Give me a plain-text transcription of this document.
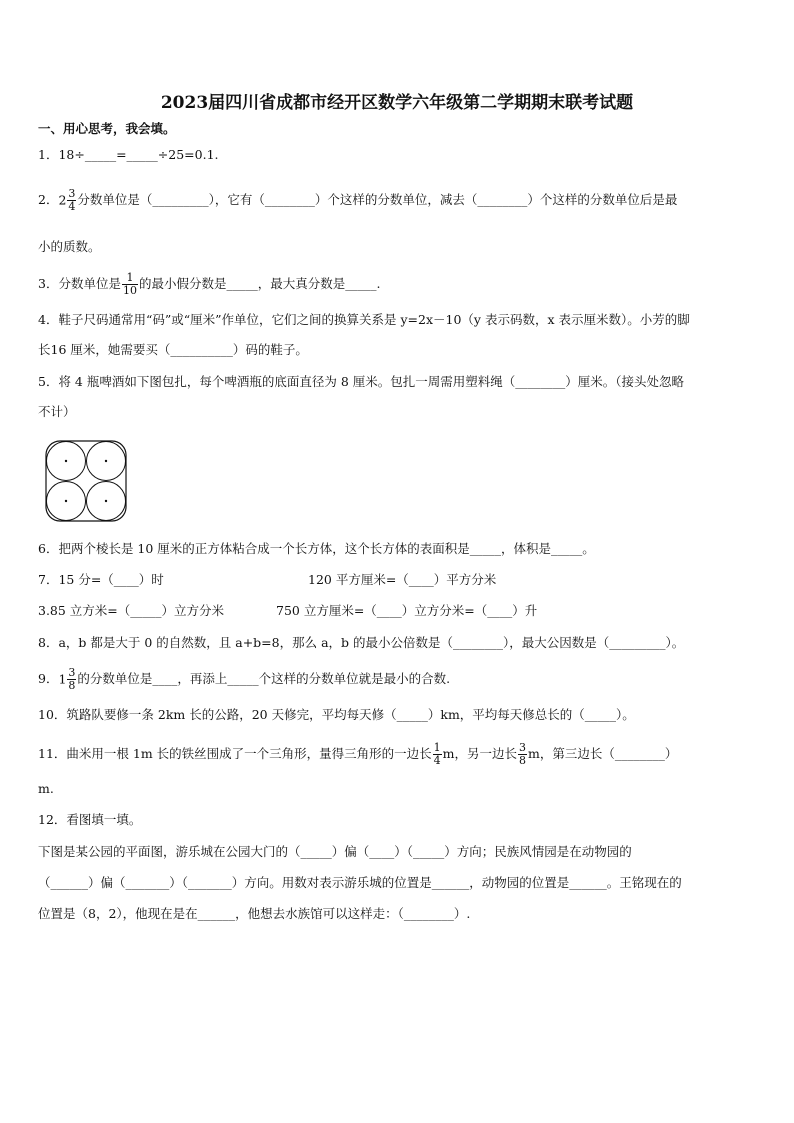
2023届四川省成都市经开区数学六年级第二学期期末联考试题
一、用心思考，我会填。
1．18÷_____=_____÷25=0.1.
2．$2 \frac{3}{4}$ 分数单位是（_________），它有（________）个这样的分数单位，减去（________）个这样的分数单位后是最
小的质数。
3．分数单位是 $\frac{1}{10}$ 的最小假分数是_____，最大真分数是_____.
4．鞋子尺码通常用“码”或“厘米”作单位，它们之间的换算关系是 y=2x－10（y 表示码数，x 表示厘米数）。小芳的脚
长16 厘米，她需要买（__________）码的鞋子。
5．将 4 瓶啤酒如下图包扎，每个啤酒瓶的底面直径为 8 厘米。包扎一周需用塑料绳（________）厘米。（接头处忽略
不计）
6．把两个棱长是 10 厘米的正方体粘合成一个长方体，这个长方体的表面积是_____，体积是_____。
7．15 分=（____）时	120 平方厘米=（____）平方分米
3.85 立方米=（_____）立方分米	750 立方厘米=（____）立方分米=（____）升
8．a，b 都是大于 0 的自然数，且 a+b=8，那么 a，b 的最小公倍数是（________），最大公因数是（_________）。
9．$1 \frac{3}{8}$ 的分数单位是____，再添上_____个这样的分数单位就是最小的合数.
10．筑路队要修一条 2km 长的公路，20 天修完，平均每天修（_____）km，平均每天修总长的（_____）。
11．曲米用一根 1m 长的铁丝围成了一个三角形，量得三角形的一边长 $\frac{1}{4}$ m，另一边长 $\frac{3}{8}$ m，第三边长（________）
m.
12．看图填一填。
下图是某公园的平面图，游乐城在公园大门的（_____）偏（____）（_____）方向；民族风情园是在动物园的
（______）偏（_______）（_______）方向。用数对表示游乐城的位置是______，动物园的位置是______。王铭现在的
位置是（8，2），他现在是在______，他想去水族馆可以这样走：（________）.
